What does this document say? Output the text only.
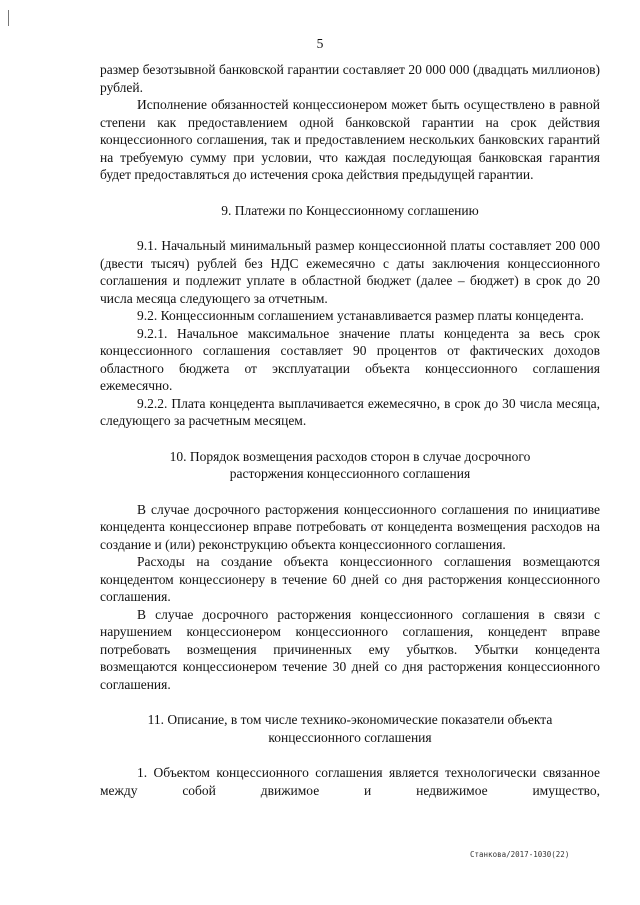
5

размер безотзывной банковской гарантии составляет 20 000 000 (двадцать миллионов) рублей.

Исполнение обязанностей концессионером может быть осуществлено в равной степени как предоставлением одной банковской гарантии на срок действия концессионного соглашения, так и предоставлением нескольких банковских гарантий на требуемую сумму при условии, что каждая последующая банковская гарантия будет предоставляться до истечения срока действия предыдущей гарантии.

9. Платежи по Концессионному соглашению

9.1. Начальный минимальный размер концессионной платы составляет 200 000 (двести тысяч) рублей без НДС ежемесячно с даты заключения концессионного соглашения и подлежит уплате в областной бюджет (далее – бюджет) в срок до 20 числа месяца следующего за отчетным.

9.2. Концессионным соглашением устанавливается размер платы концедента.

9.2.1. Начальное максимальное значение платы концедента за весь срок концессионного соглашения составляет 90 процентов от фактических доходов областного бюджета от эксплуатации объекта концессионного соглашения ежемесячно.

9.2.2. Плата концедента выплачивается ежемесячно, в срок до 30 числа месяца, следующего за расчетным месяцем.

10. Порядок возмещения расходов сторон в случае досрочного

расторжения концессионного соглашения

В случае досрочного расторжения концессионного соглашения по инициативе концедента концессионер вправе потребовать от концедента возмещения расходов на создание и (или) реконструкцию объекта концессионного соглашения.

Расходы на создание объекта концессионного соглашения возмещаются концедентом концессионеру в течение 60 дней со дня расторжения концессионного соглашения.

В случае досрочного расторжения концессионного соглашения в связи с нарушением концессионером концессионного соглашения, концедент вправе потребовать возмещения причиненных ему убытков. Убытки концедента возмещаются концессионером течение 30 дней со дня расторжения концессионного соглашения.

11. Описание, в том числе технико-экономические показатели объекта

концессионного соглашения

1. Объектом концессионного соглашения является технологически связанное между собой движимое и недвижимое имущество,

Станкова/2017-1030(22)
